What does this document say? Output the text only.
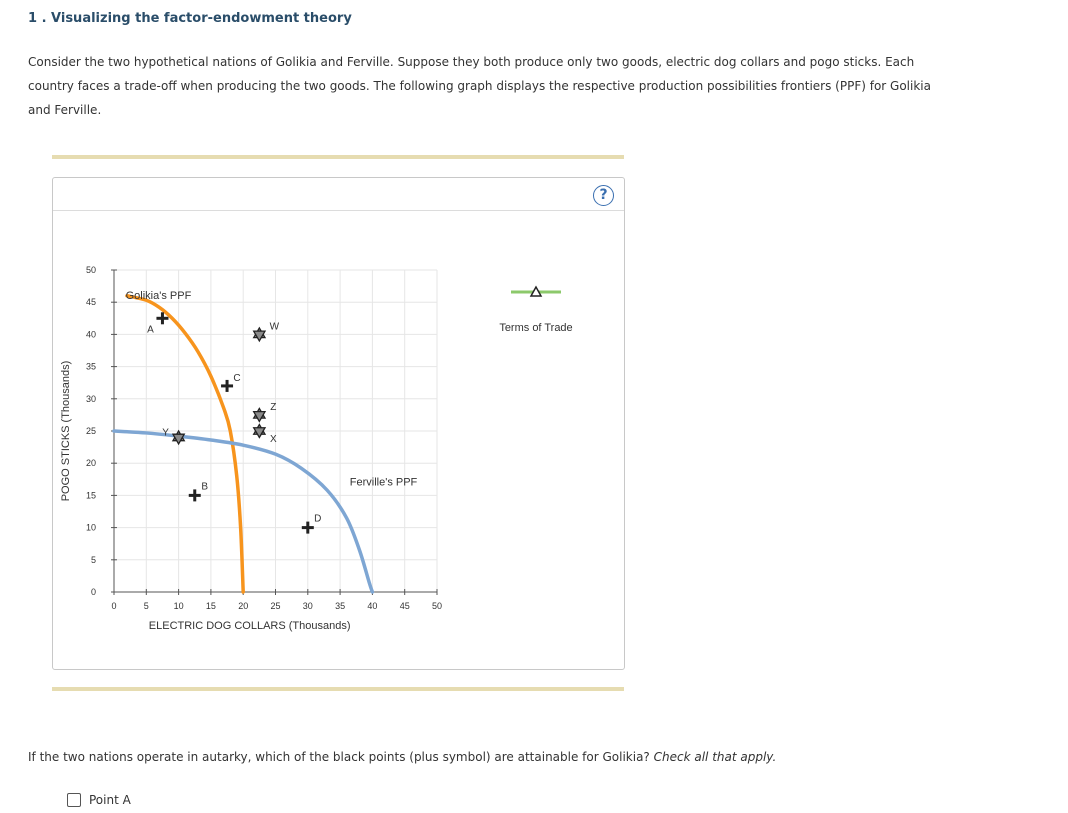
1 . Visualizing the factor-endowment theory
Consider the two hypothetical nations of Golikia and Ferville. Suppose they both produce only two goods, electric dog collars and pogo sticks. Each country faces a trade-off when producing the two goods. The following graph displays the respective production possibilities frontiers (PPF) for Golikia and Ferville.
?
0	5	10 15 20 25 30 35 40 45 50
0
5
10
15
20
25
30
35
40
45
50
ELECTRIC DOG COLLARS (Thousands)
POGO STICKS (Thousands)
Golikia's PPF
Ferville's PPF
A
C
B
D
W
Z
X
Y
Terms of Trade
If the two nations operate in autarky, which of the black points (plus symbol) are attainable for Golikia? Check all that apply.
Point A
